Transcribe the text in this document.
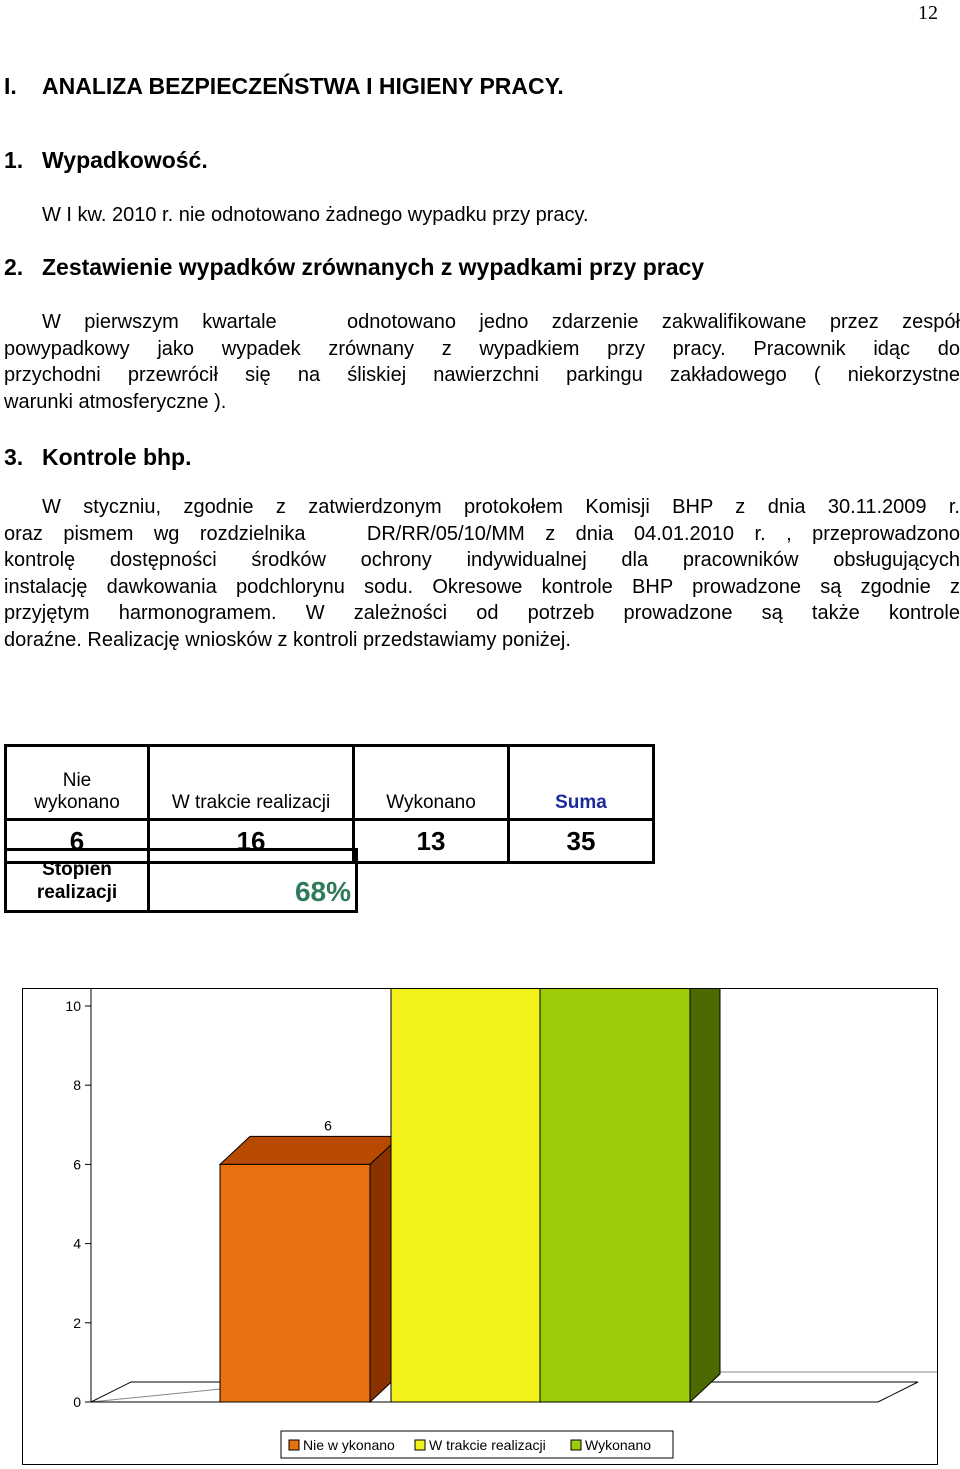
12
I. ANALIZA BEZPIECZEŃSTWA I HIGIENY PRACY.
1. Wypadkowość.
W I kw. 2010 r. nie odnotowano żadnego wypadku przy pracy.
2. Zestawienie wypadków zrównanych z wypadkami przy pracy
W pierwszym kwartale   odnotowano jedno zdarzenie zakwalifikowane przez zespół
powypadkowy jako wypadek zrównany z wypadkiem przy pracy. Pracownik idąc do
przychodni przewrócił się na śliskiej nawierzchni parkingu zakładowego ( niekorzystne
warunki atmosferyczne ).
3. Kontrole bhp.
W styczniu, zgodnie z zatwierdzonym protokołem Komisji BHP z dnia 30.11.2009 r.
oraz pismem wg rozdzielnika   DR/RR/05/10/MM z dnia 04.01.2010 r. , przeprowadzono
kontrolę dostępności środków ochrony indywidualnej dla pracowników obsługujących
instalację dawkowania podchlorynu sodu. Okresowe kontrole BHP prowadzone są zgodnie z
przyjętym harmonogramem. W zależności od potrzeb prowadzone są także kontrole
doraźne. Realizację wniosków z kontroli przedstawiamy poniżej.
Nie
wykonano	W trakcie realizacji	Wykonano	Suma
6	16	13	35
Stopień
realizacji	68%
0
2
4
6
8
10
6
Nie w ykonano W trakcie realizacji	Wykonano
